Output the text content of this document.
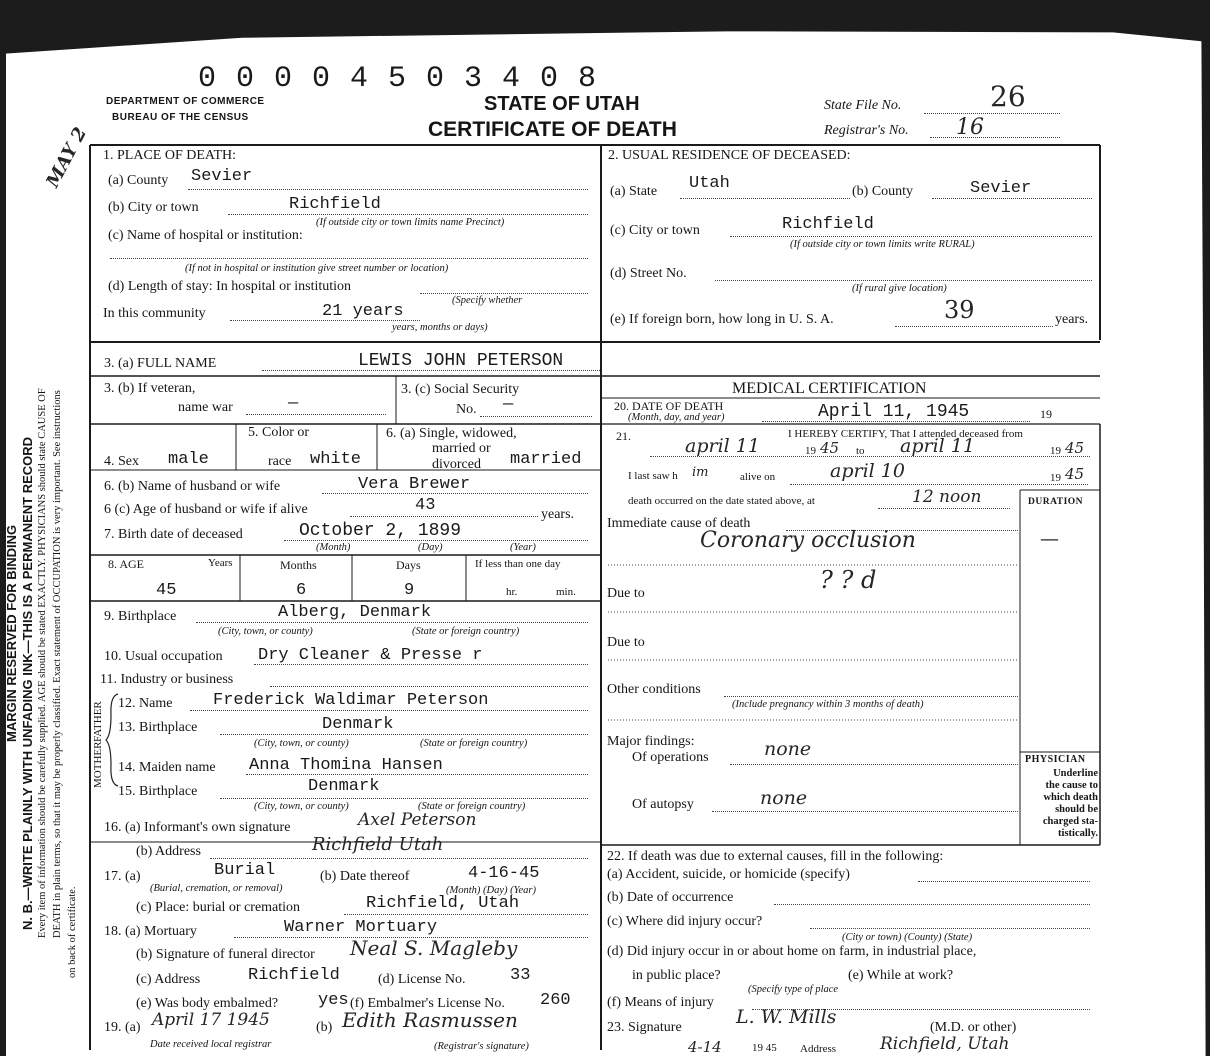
0 0 0 0 4 5 0 3 4 0 8
DEPARTMENT OF COMMERCE
BUREAU OF THE CENSUS
STATE OF UTAH
CERTIFICATE OF DEATH
State File No.	26
Registrar's No. 16
MAY 2
MARGIN RESERVED FOR BINDING N. B.—WRITE PLAINLY WITH UNFADING INK—THIS IS A PERMANENT RECORD Every item of information should be carefully supplied. AGE should be stated EXACTLY. PHYSICIANS should state CAUSE OF DEATH in plain terms, so that it may be properly classified. Exact statement of OCCUPATION is very important. See instructions on back of certificate.
1. PLACE OF DEATH:
(a) County Sevier
(b) City or town	Richfield
(If outside city or town limits name Precinct)
(c) Name of hospital or institution:
(If not in hospital or institution give street number or location)
(d) Length of stay: In hospital or institution
(Specify whether
In this community	21 years
years, months or days)
2. USUAL RESIDENCE OF DECEASED:
(a) State Utah	(b) County	Sevier
(c) City or town	Richfield
(If outside city or town limits write RURAL)
(d) Street No.
(If rural give location)
(e) If foreign born, how long in U. S. A.	39	years.
3. (a) FULL NAME	LEWIS JOHN PETERSON
3. (b) If veteran,
name war	—
3. (c) Social Security
No. —
MEDICAL CERTIFICATION
20. DATE OF DEATH
(Month, day, and year)	April 11, 1945	19
21.	I HEREBY CERTIFY, That I attended deceased from
april 11	19 45 to april 11	19 45
I last saw h im	alive on	april 10	19 45
death occurred on the date stated above, at	12 noon	DURATION
Immediate cause of death
Coronary occlusion	—
Due to	? ? d
Due to
Other conditions
(Include pregnancy within 3 months of death)
Major findings:
Of operations	none
Of autopsy	none
PHYSICIAN
Underline
the cause to
which death
should be
charged sta-
tistically.
4. Sex male
5. Color or
race white
6. (a) Single, widowed,
married or
divorced married
6. (b) Name of husband or wife	Vera Brewer
6 (c) Age of husband or wife if alive	43	years.
7. Birth date of deceased	October 2, 1899
(Month)	(Day)	(Year)
8. AGE	Years	Months	Days	If less than one day
45	6	9	hr.	min.
9. Birthplace	Alberg, Denmark
(City, town, or county)	(State or foreign country)
10. Usual occupation Dry Cleaner & Presse r
11. Industry or business
FATHER
MOTHER
12. Name Frederick Waldimar Peterson
13. Birthplace	Denmark
(City, town, or county)	(State or foreign country)
14. Maiden name Anna Thomina Hansen
15. Birthplace	Denmark
(City, town, or county)	(State or foreign country)
16. (a) Informant's own signature	Axel Peterson
(b) Address	Richfield Utah
17. (a)	Burial
(Burial, cremation, or removal)
(b) Date thereof	4-16-45
(Month) (Day) (Year)
(c) Place: burial or cremation	Richfield, Utah
18. (a) Mortuary	Warner Mortuary
(b) Signature of funeral director Neal S. Magleby
(c) Address	Richfield	(d) License No.	33
(e) Was body embalmed? yes (f) Embalmer's License No. 260
19. (a) April 17 1945	(b) Edith Rasmussen
Date received local registrar	(Registrar's signature)
22. If death was due to external causes, fill in the following:
(a) Accident, suicide, or homicide (specify)
(b) Date of occurrence
(c) Where did injury occur?
(City or town) (County) (State)
(d) Did injury occur in or about home on farm, in industrial place,
in public place?
(Specify type of place
(e) While at work?
(f) Means of injury
23. Signature	L. W. Mills	(M.D. or other)
4-14	19 45 Address	Richfield, Utah
